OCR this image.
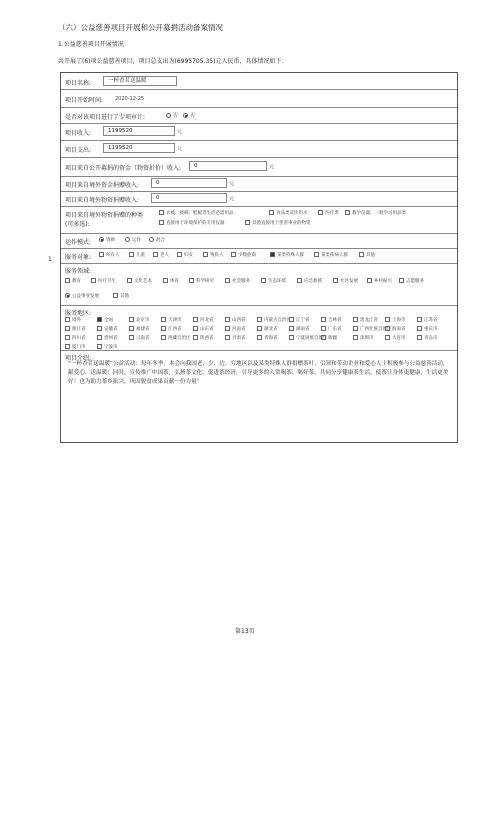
（六）公益慈善项目开展和公开募捐活动备案情况
1.公益慈善项目开展情况
共开展了(6)项公益慈善项目，项目总支出为(6995705.35)元人民币，具体情况如下：
1
项目名称:	一杯香茗送温暖
项目开始时间: 2020-12-25
是否对该项目进行了专项审计:	否	否
项目收入:	1199520	元
项目支出:	1199520	元
项目来自公开募捐的资金（物资折价）收入:	0	元
项目来自境外资金捐赠收入:	0	元
项目来自境外物资捐赠收入:	0	元
项目来自境外物资捐赠的种类
(可多选):
衣被、被褥、鞋履等生活必需用品	食品类及饮用水	医疗类	教学仪器、一般学习用品类
直接用于环境保护的专用仪器	其他直接用于慈善事业的物资
运作模式:	资助	运作	混合
服务对象:	所有人	儿童	老人	妇女	残疾人	少数族裔	某类特殊人群	某类疾病人群	其他
服务领域:
教育	医疗卫生	文化艺术	体育	科学研究	社会服务	生态环境	应急救援	社区发展	乡村振兴	志愿服务
公益事业发展	其他
服务地区:
境外	全国	北京市	天津市	河北省	山西省	内蒙古自治区	辽宁省	吉林省	黑龙江省	上海市	江苏省
浙江省	安徽省	福建省	江西省	山东省	河南省	湖北省	湖南省	广东省	广西壮族自治区 海南省	重庆市
四川省	贵州省	云南省	西藏自治区	陕西省	甘肃省	青海省	宁夏回族自治区 新疆	深圳市	大连市	青岛市
厦门市	宁波市
项目介绍:
“一杯香茗送温暖”公益活动：每年冬季，本会向我国老、少、边、穷地区以及某类特殊人群捐赠茶叶，引领和带动企业和爱心人士积极参与公益慈善活动，献爱心、送温暖！同时，宣传推广中国茶，弘扬茶文化，促进茶经济，引导更多的人常喝茶、喝好茶，共同分享健康茶生活，使茶让身体更健康，生活更美好！也为助力茶乡振兴，巩固脱贫成果贡献一份力量！
第13页
